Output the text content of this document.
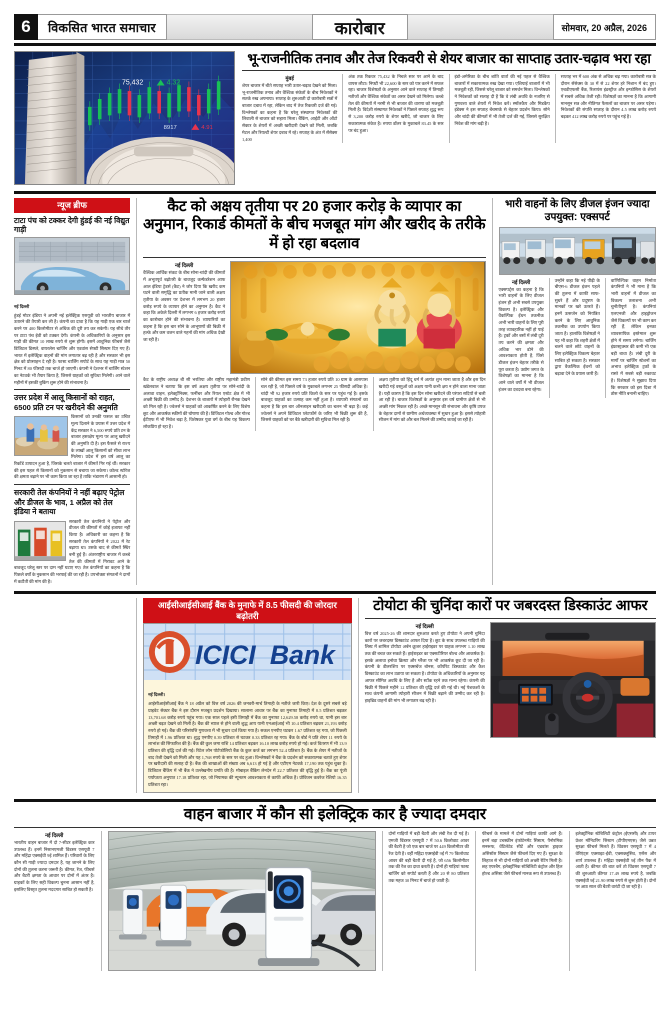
6	विकसित भारत समाचार	कारोबार	सोमवार, 20 अप्रैल, 2026
75,432	4.32
8917	4.91
भू-राजनीतिक तनाव और तेज रिकवरी से शेयर बाजार का साप्ताह उतार-चढ़ाव भरा रहा
मुंबई
शेयर बाजार में बीते सप्ताह भारी उतार-चढ़ाव देखने को मिला। भू-राजनीतिक तनाव और वैश्विक संकेतों के बीच निवेशकों ने सतर्क रुख अपनाया। सप्ताह के शुरुआती दो कारोबारी सत्रों में बाजार दबाव में रहा, लेकिन बाद में तेज रिकवरी दर्ज की गई। विश्लेषकों का कहना है कि घरेलू संस्थागत निवेशकों की लिवाली से बाजार को सहारा मिला। बैंकिंग, आईटी और ऑटो सेक्टर के शेयरों में अच्छी खरीदारी देखने को मिली, जबकि मेटल और रियल्टी शेयर दबाव में रहे। सप्ताह के अंत में सेंसेक्स 1,400
अंक तक रिकवर 75,432 के निचले स्तर पर आने के बाद वापस लौटा। निफ्टी भी 22,600 के स्तर को पार करने में सफल रहा। बाजार विशेषज्ञों के अनुसार आने वाले सप्ताह में तिमाही नतीजों और वैश्विक संकेतों का असर देखने को मिलेगा। कच्चे तेल की कीमतों में नरमी से भी बाजार की धारणा को मजबूती मिली है। विदेशी संस्थागत निवेशकों ने पिछले सप्ताह शुद्ध रूप से 3,200 करोड़ रुपये के शेयर खरीदे, जो बाजार के लिए सकारात्मक संकेत है। रुपया डॉलर के मुकाबले 83.45 के स्तर पर बंद हुआ।
इंडो-अमेरिका के बीच शांति वार्ता की नई पहल से वैश्विक बाजारों में सकारात्मक रुख देखा गया। एशियाई बाजारों में भी मजबूती रही, जिससे घरेलू बाजार को समर्थन मिला। विश्लेषकों ने निवेशकों को सलाह दी है कि वे लंबी अवधि के नजरिए से गुणवत्ता वाले शेयरों में निवेश करें। स्मॉलकैप और मिडकैप इंडेक्स ने इस सप्ताह बेंचमार्क से बेहतर प्रदर्शन किया। सोने और चांदी की कीमतों में भी तेजी दर्ज की गई, जिससे सुरक्षित निवेश की मांग बढ़ी है।
सप्ताह भर में 600 अंक से अधिक चढ़ गया। कारोबारी सत्र के दौरान सेंसेक्स के 30 में से 22 शेयर हरे निशान में बंद हुए। एचडीएफसी बैंक, रिलायंस इंडस्ट्रीज और इन्फोसिस के शेयरों में सबसे अधिक तेजी रही। विशेषज्ञों का मानना है कि आगामी मानसून सत्र और नीतिगत फैसलों का बाजार पर असर पड़ेगा। निवेशकों की संपत्ति सप्ताह के दौरान 4.5 लाख करोड़ रुपये बढ़कर 412 लाख करोड़ रुपये पर पहुंच गई है।
न्यूज ब्रीफ
टाटा पंच को टक्कर देगी हुंडई की नई विद्युत गाड़ी
नई दिल्ली
हुंडई मोटर इंडिया ने अपनी नई इलेक्ट्रिक एसयूवी को भारतीय बाजार में उतारने की तैयारी कर ली है। कंपनी का दावा है कि यह गाड़ी एक बार चार्ज करने पर 400 किलोमीटर से अधिक की दूरी तय कर सकेगी। यह सीधे तौर पर टाटा पंच ईवी को टक्कर देगी। कंपनी के अधिकारियों के अनुसार इस गाड़ी की कीमत 10 लाख रुपये से शुरू होगी। इसमें आधुनिक फीचर्स जैसे डिजिटल डिस्प्ले, वायरलेस चार्जिंग और एडवांस सेफ्टी सिस्टम दिए गए हैं। भारत में इलेक्ट्रिक वाहनों की मांग लगातार बढ़ रही है और सरकार भी इस क्षेत्र को प्रोत्साहन दे रही है। फास्ट चार्जिंग सपोर्ट के साथ यह गाड़ी मात्र 50 मिनट में 80 फीसदी तक चार्ज हो जाएगी। कंपनी ने देशभर में चार्जिंग स्टेशन का नेटवर्क भी तैयार किया है, जिससे ग्राहकों को सुविधा मिलेगी। आने वाले महीनों में इसकी बुकिंग शुरू होने की संभावना है।
उत्तर प्रदेश में आलू किसानों को राहत, 6500 प्रति टन पर खरीदने की अनुमति
किसानों को उनकी फसल का उचित मूल्य दिलाने के प्रयास में उत्तर प्रदेश में केंद्र सरकार ने 6,500 रुपये प्रति टन के बाजार हस्तक्षेप मूल्य पर आलू खरीदने की अनुमति दी है। इस फैसले से राज्य के लाखों आलू किसानों को सीधा लाभ मिलेगा। प्रदेश में इस वर्ष आलू का रिकॉर्ड उत्पादन हुआ है, जिसके चलते बाजार में कीमतें गिर गई थीं। सरकार की इस पहल से किसानों को नुकसान से बचाया जा सकेगा। कोल्ड स्टोरेज की क्षमता बढ़ाने पर भी काम किया जा रहा है ताकि भंडारण में आसानी हो।
सरकारी तेल कंपनियों ने नहीं बढ़ाए पेट्रोल और डीजल के भाव, 1 अप्रैल को तेल इंडिया ने बताया
सरकारी तेल कंपनियों ने पेट्रोल और डीजल की कीमतों में कोई इजाफा नहीं किया है। अधिकारी का कहना है कि सरकारी तेल कंपनियों ने 2022 में रेट बढ़ाया था। उसके बाद से कीमतें स्थिर बनी हुई हैं। अंतरराष्ट्रीय बाजार में कच्चे तेल की कीमतों में गिरावट आने के बावजूद घरेलू स्तर पर दाम नहीं घटाए गए। तेल कंपनियों का कहना है कि पिछले वर्षों के नुकसान की भरपाई की जा रही है। उपभोक्ता संगठनों ने दामों में कटौती की मांग की है।
कैट को अक्षय तृतीया पर 20 हजार करोड़ के व्यापार का अनुमान, रिकार्ड कीमतों के बीच मजबूत मांग और खरीद के तरीके में हो रहा बदलाव
नई दिल्ली
वैश्विक आर्थिक संकट के बीच सोना-चांदी की कीमतों में अभूतपूर्व बढ़ोतरी के बावजूद कन्फेडरेशन आफ आल इंडिया ट्रेडर्स (कैट) ने जोर दिया कि खरीद कम घटने वाली समृद्धि का प्रतीक मानी जाने वाली अक्षय तृतीया के अवसर पर देशभर में लगभग 20 हजार करोड़ रुपये के व्यापार होने का अनुमान है। कैट ने कहा कि अकेले दिल्ली में लगभग 6 हजार करोड़ रुपये का कारोबार होने की संभावना है। व्यापारियों का कहना है कि इस बार सोने के आभूषणों की बिक्री में हल्के और कम वजन वाले गहनों की मांग अधिक देखी जा रही है।
कैट के राष्ट्रीय अध्यक्ष बी सी भरतिया और राष्ट्रीय महामंत्री प्रवीण खंडेलवाल ने बताया कि इस वर्ष अक्षय तृतीया पर सोने-चांदी के अलावा वाहन, इलेक्ट्रॉनिक्स, फर्नीचर और रियल एस्टेट क्षेत्र में भी अच्छी बिक्री की उम्मीद है। देशभर के बाजारों में त्योहारी रौनक देखने को मिल रही है। ज्वेलर्स ने ग्राहकों को आकर्षित करने के लिए विशेष छूट और आकर्षक स्कीमों की घोषणा की है। डिजिटल गोल्ड और गोल्ड ईटीएफ में भी निवेश बढ़ा है, विशेषकर युवा वर्ग के बीच यह विकल्प लोकप्रिय हो रहा है।
सोने की कीमत इस समय 73 हजार रुपये प्रति 10 ग्राम के आसपास चल रही है, जो पिछले वर्ष के मुकाबले लगभग 25 फीसदी अधिक है। चांदी भी 92 हजार रुपये प्रति किलो के स्तर पर पहुंच गई है। इसके बावजूद ग्राहकों का उत्साह कम नहीं हुआ है। व्यापारी संगठनों का कहना है कि इस बार ऑनलाइन खरीदारी का चलन भी बढ़ा है। कई ज्वेलर्स ने अपने डिजिटल प्लेटफॉर्म के जरिए भी बिक्री शुरू की है, जिससे ग्राहकों को घर बैठे खरीदारी की सुविधा मिल रही है।
अक्षय तृतीया को हिंदू धर्म में अत्यंत शुभ माना जाता है और इस दिन खरीदी गई वस्तुओं को अक्षय यानी कभी क्षय न होने वाला माना जाता है। यही कारण है कि इस दिन सोना खरीदने की परंपरा सदियों से चली आ रही है। बाजार विशेषज्ञों के अनुसार इस वर्ष ग्रामीण क्षेत्रों से भी अच्छी मांग निकल रही है। अच्छे मानसून की संभावना और कृषि उपज के बेहतर दामों से ग्रामीण अर्थव्यवस्था में सुधार हुआ है। इससे त्योहारी सीजन में मांग को और बल मिलने की उम्मीद जताई जा रही है।
भारी वाहनों के लिए डीजल इंजन ज्यादा उपयुक्त: एक्सपर्ट
नई दिल्ली
एक्सपर्ट्स का कहना है कि भारी वाहनों के लिए डीजल इंजन ही अभी सबसे उपयुक्त विकल्प है। इलेक्ट्रिक और वैकल्पिक ईंधन तकनीक अभी भारी वाहनों के लिए पूरी तरह व्यावहारिक नहीं हो पाई है। ट्रकों और बसों में लंबी दूरी तय करने की क्षमता और अधिक भार ढोने की आवश्यकता होती है, जिसे डीजल इंजन बेहतर तरीके से पूरा करता है। उद्योग जगत के विशेषज्ञों का मानना है कि आने वाले वर्षों में भी डीजल इंजन का दबदबा बना रहेगा।
उन्होंने कहा कि नई पीढ़ी के बीएस-6 डीजल इंजन पहले की तुलना में काफी साफ-सुथरे हैं और प्रदूषण के मानकों पर खरे उतरते हैं। इनमें उत्सर्जन को नियंत्रित करने के लिए आधुनिक तकनीक का उपयोग किया जाता है। हालांकि विशेषज्ञों ने यह भी कहा कि शहरी क्षेत्रों में चलने वाले छोटे वाहनों के लिए इलेक्ट्रिक विकल्प बेहतर साबित हो सकता है। सरकार द्वारा वैकल्पिक ईंधनों को बढ़ावा देने के प्रयास जारी हैं।
वाणिज्यिक वाहन निर्माता कंपनियों ने भी माना है कि भारी वाहनों में डीजल का विकल्प तलाशना अभी चुनौतीपूर्ण है। कंपनियां एलएनजी और हाइड्रोजन जैसे विकल्पों पर भी काम कर रही हैं, लेकिन इनका व्यावसायिक इस्तेमाल शुरू होने में समय लगेगा। चार्जिंग इंफ्रास्ट्रक्चर की कमी भी एक बड़ी बाधा है। लंबी दूरी के मार्गों पर चार्जिंग स्टेशनों का अभाव इलेक्ट्रिक ट्रकों के रास्ते में सबसे बड़ी रुकावट है। विशेषज्ञों ने सुझाव दिया कि सरकार को इस दिशा में ठोस नीति बनानी चाहिए।
आईसीआईसीआई बैंक के मुनाफे में 8.5 फीसदी की जोरदार बढ़ोतरी
ICICI Bank
नई दिल्ली।
आईसीआईसीआई बैंक ने 18 अप्रैल को वित्त वर्ष 2026 की जनवरी-मार्च तिमाही के नतीजे जारी किए। देश के दूसरे सबसे बड़े प्राइवेट सेक्टर बैंक ने इस दौरान मजबूत प्रदर्शन दिखाया। सालाना आधार पर बैंक का मुनाफा तिमाही में 8.5 प्रतिशत बढ़कर 13,701.68 करोड़ रुपये पहुंच गया। एक साल पहले इसी तिमाही में बैंक का मुनाफा 12,629.58 करोड़ रुपये था, यानी इस बार अच्छी बढ़त देखने को मिली है। बैंक की ब्याज से होने वाली शुद्ध आय यानी एनआईआई भी 10.4 प्रतिशत बढ़कर 21,193 करोड़ रुपये हो गई। बैंक की परिसंपत्ति गुणवत्ता में भी सुधार दर्ज किया गया है। सकल एनपीए घटकर 1.67 प्रतिशत रह गया, जो पिछली तिमाही में 1.96 प्रतिशत था। शुद्ध एनपीए 0.39 प्रतिशत से घटकर 0.33 प्रतिशत रह गया। बैंक के बोर्ड ने प्रति शेयर 11 रुपये के लाभांश की सिफारिश की है। बैंक की कुल जमा राशि 14 प्रतिशत बढ़कर 16.10 लाख करोड़ रुपये हो गई। कर्ज वितरण में भी 13.9 प्रतिशत की वृद्धि दर्ज की गई। रिटेल लोन पोर्टफोलियो बैंक के कुल कर्ज का लगभग 52.4 प्रतिशत है। बैंक के शेयर में नतीजों के बाद तेजी देखने को मिली और यह 1,768 रुपये के स्तर पर बंद हुआ। विश्लेषकों ने बैंक के प्रदर्शन को सकारात्मक बताते हुए शेयर पर खरीदारी की सलाह दी है। बैंक की शाखाओं की संख्या अब 6,613 हो गई है और एटीएम नेटवर्क 17,190 तक पहुंच चुका है। डिजिटल बैंकिंग में भी बैंक ने उल्लेखनीय प्रगति की है। मोबाइल बैंकिंग लेनदेन में 22.7 प्रतिशत की वृद्धि हुई है। बैंक का पूंजी पर्याप्तता अनुपात 17.18 प्रतिशत रहा, जो नियामक की न्यूनतम आवश्यकता से काफी अधिक है। प्रोविजन कवरेज रेशियो 16.35 प्रतिशत रहा।
टोयोटा की चुनिंदा कारों पर जबरदस्त डिस्काउंट आफर
नई दिल्ली
वित्त वर्ष 2025-26 की शानदार शुरुआत करते हुए टोयोटा ने अपनी चुनिंदा कारों पर जबरदस्त डिस्काउंट आफर दिया है। छूट के साथ उपलब्ध गाड़ियों की लिस्ट में शामिल टोयोटा अर्बन क्रूजर हाईराइडर पर ग्राहक लगभग 1.10 लाख तक की बचत कर सकते हैं। हाईराइडर का एक्सटीरियर बोल्ड और आकर्षक है। इसके अलावा इनोवा क्रिस्टा और ग्लैंजा पर भी आकर्षक छूट दी जा रही है। कंपनी के डीलरशिप पर एक्सचेंज बोनस, कॉर्पोरेट डिस्काउंट और कैश डिस्काउंट का लाभ उठाया जा सकता है। टोयोटा के अधिकारियों के अनुसार यह आफर सीमित अवधि के लिए है और स्टॉक रहने तक मान्य रहेगा। कंपनी की बिक्री में पिछले महीने 12 प्रतिशत की वृद्धि दर्ज की गई थी। नई पेशकशों के साथ कंपनी आगामी त्योहारी सीजन में बिक्री बढ़ाने की उम्मीद कर रही है। हाइब्रिड वाहनों की मांग भी लगातार बढ़ रही है।
वाहन बाजार में कौन सी इलेक्ट्रिक कार है ज्यादा दमदार
नई दिल्ली
भारतीय वाहन बाजार में दो 7-सीटर इलेक्ट्रिक कार उपलब्ध हैं। इनमें निसानएमजी विंडसर एसयूवी 7 और महिंद्रा एक्सईवी 9ई शामिल हैं। परिवारों के लिए कौन सी गाड़ी ज्यादा दमदार है, यह जानने के लिए दोनों की तुलना करना जरूरी है। कीमत, रेंज, फीचर्स और बैटरी क्षमता के आधार पर दोनों में अंतर है। ग्राहकों के लिए सही विकल्प चुनना आसान नहीं है, इसलिए विस्तृत तुलना मददगार साबित हो सकती है।
दोनों गाड़ियों में बड़ी बैटरी और लंबी रेंज दी गई है। एमजी विंडसर एसयूवी 7 में 50.6 किलोवाट आवर की बैटरी है जो एक बार चार्ज पर 449 किलोमीटर की रेंज देती है। वहीं महिंद्रा एक्सईवी 9ई में 79 किलोवाट आवर की बड़ी बैटरी दी गई है, जो 656 किलोमीटर तक की रेंज का दावा करती है। दोनों ही गाड़ियां फास्ट चार्जिंग को सपोर्ट करती हैं और 20 से 80 प्रतिशत तक महज 30 मिनट में चार्ज हो जाती हैं।
फीचर्स के मामले में दोनों गाड़ियां काफी आगे हैं। इनमें बड़ा टचस्क्रीन इंफोटेनमेंट सिस्टम, पैनोरमिक सनरूफ, वेंटिलेटेड सीटें और एडवांस ड्राइवर असिस्टेंस सिस्टम जैसे फीचर्स दिए गए हैं। सुरक्षा के लिहाज से भी दोनों गाड़ियों को अच्छी रेटिंग मिली है। छह एयरबैग, इलेक्ट्रॉनिक स्टेबिलिटी कंट्रोल और हिल होल्ड असिस्ट जैसे फीचर्स मानक रूप से उपलब्ध हैं।
इलेक्ट्रॉनिक स्टेबिलिटी कंट्रोल (ईएससी) और टायर प्रेशर मॉनिटरिंग सिस्टम (टीपीएमएस) जैसे उन्नत सुरक्षा फीचर्स मिलते हैं। विंडसर एसयूवी 7 में 4 वेरिएंट्स एक्साइट-ईवी, एक्सक्लूसिव, एसेंस और शार्प उपलब्ध हैं। महिंद्रा एक्सईवी 9ई तीन पैक में आती है। कीमत की बात करें तो विंडसर एसयूवी 7 की शुरुआती कीमत 17.49 लाख रुपये है, जबकि एक्सईवी 9ई 21.90 लाख रुपये से शुरू होती है। दोनों पर आठ साल की बैटरी वारंटी दी जा रही है।
